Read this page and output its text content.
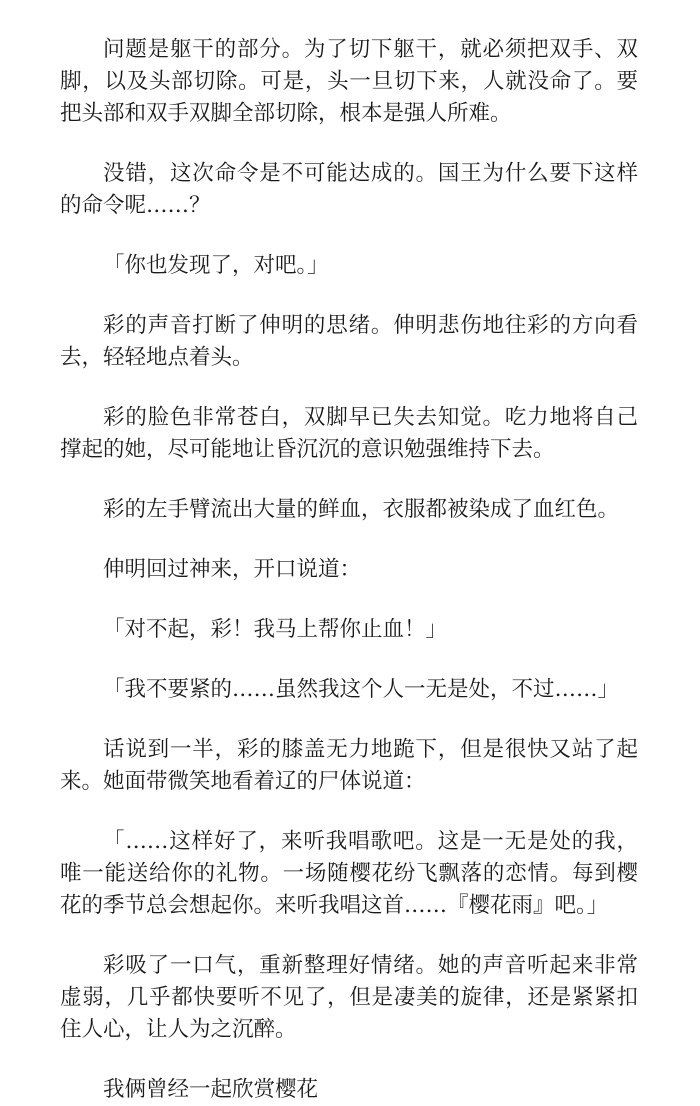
问题是躯干的部分。为了切下躯干，就必须把双手、双脚，以及头部切除。可是，头一旦切下来，人就没命了。要把头部和双手双脚全部切除，根本是强人所难。

没错，这次命令是不可能达成的。国王为什么要下这样的命令呢……？

「你也发现了，对吧。」

彩的声音打断了伸明的思绪。伸明悲伤地往彩的方向看去，轻轻地点着头。

彩的脸色非常苍白，双脚早已失去知觉。吃力地将自己撑起的她，尽可能地让昏沉沉的意识勉强维持下去。

彩的左手臂流出大量的鲜血，衣服都被染成了血红色。

伸明回过神来，开口说道：

「对不起，彩！我马上帮你止血！」

「我不要紧的……虽然我这个人一无是处，不过……」

话说到一半，彩的膝盖无力地跪下，但是很快又站了起来。她面带微笑地看着辽的尸体说道：

「……这样好了，来听我唱歌吧。这是一无是处的我，唯一能送给你的礼物。一场随樱花纷飞飘落的恋情。每到樱花的季节总会想起你。来听我唱这首……『樱花雨』吧。」

彩吸了一口气，重新整理好情绪。她的声音听起来非常虚弱，几乎都快要听不见了，但是凄美的旋律，还是紧紧扣住人心，让人为之沉醉。

我俩曾经一起欣赏樱花
